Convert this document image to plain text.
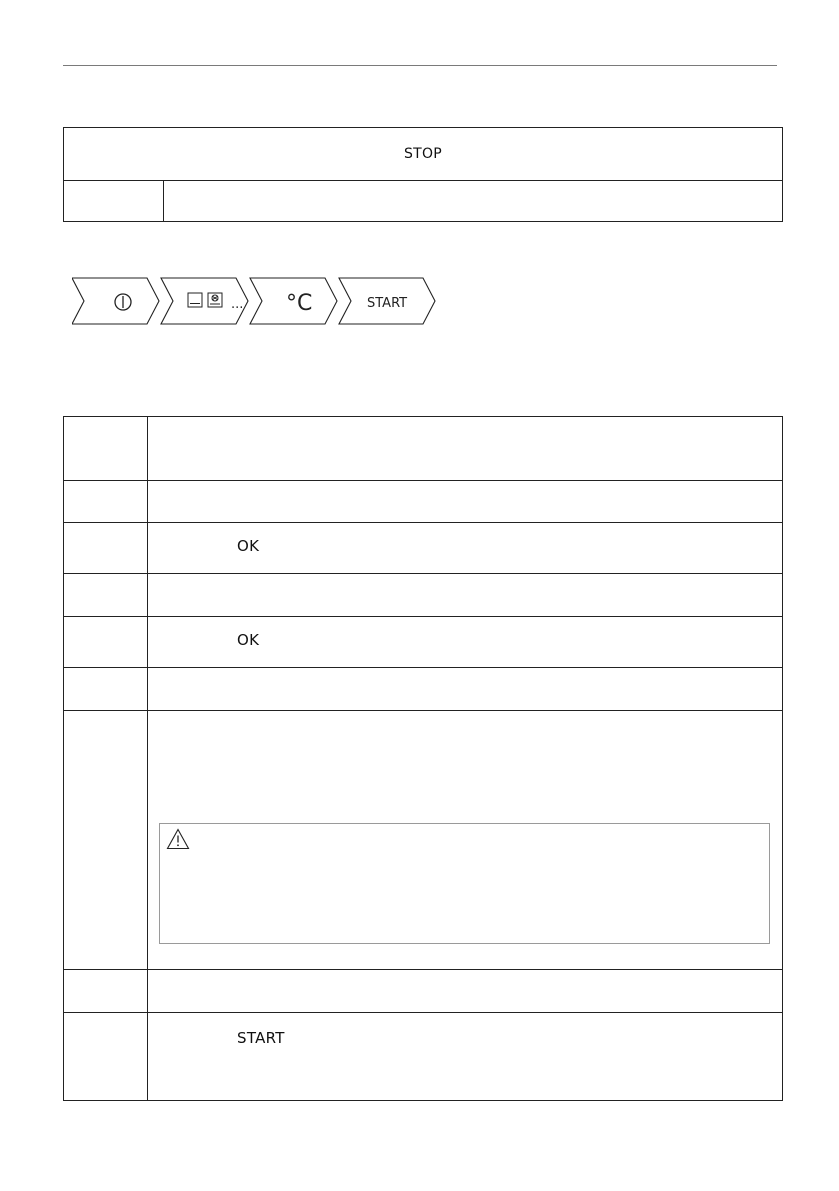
STOP

... °C	START

	OK

	OK

	START
